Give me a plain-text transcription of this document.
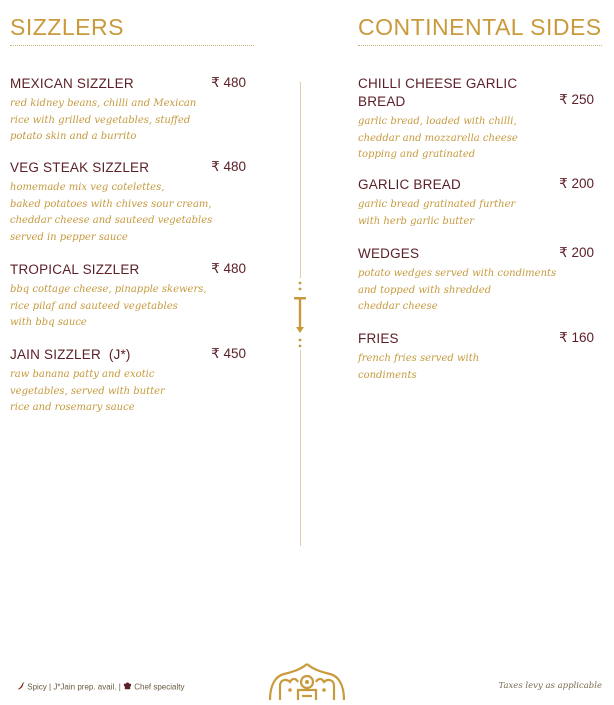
SIZZLERS
₹ 480
MEXICAN SIZZLER
red kidney beans, chilli and Mexican
rice with grilled vegetables, stuffed
potato skin and a burrito
₹ 480
VEG STEAK SIZZLER
homemade mix veg cotelettes,
baked potatoes with chives sour cream,
cheddar cheese and sauteed vegetables
served in pepper sauce
₹ 480
TROPICAL SIZZLER
bbq cottage cheese, pinapple skewers,
rice pilaf and sauteed vegetables
with bbq sauce
₹ 450
JAIN SIZZLER  (J*)
raw banana patty and exotic
vegetables, served with butter
rice and rosemary sauce
CONTINENTAL SIDES
CHILLI CHEESE GARLIC
BREAD	₹ 250
garlic bread, loaded with chilli,
cheddar and mozzarella cheese
topping and gratinated
₹ 200
GARLIC BREAD
garlic bread gratinated further
with herb garlic butter
₹ 200
WEDGES
potato wedges served with condiments
and topped with shredded
cheddar cheese
₹ 160
FRIES
french fries served with
condiments
Spicy | J*Jain prep. avail. | Chef specialty	Taxes levy as applicable
